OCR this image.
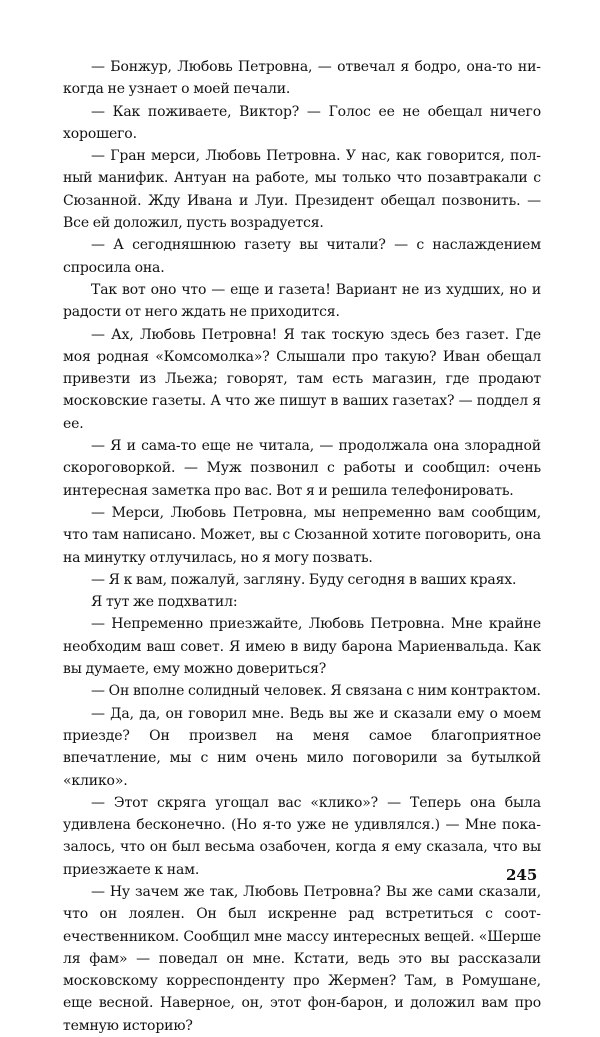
— Бонжур, Любовь Петровна, — отвечал я бодро, она-то никогда не узнает о моей печали.

— Как поживаете, Виктор? — Голос ее не обещал ничего хорошего.

— Гран мерси, Любовь Петровна. У нас, как говорится, полный манифик. Антуан на работе, мы только что позавтракали с Сюзанной. Жду Ивана и Луи. Президент обещал позвонить. — Все ей доложил, пусть возрадуется.

— А сегодняшнюю газету вы читали? — с наслаждением спросила она.

Так вот оно что — еще и газета! Вариант не из худших, но и радости от него ждать не приходится.

— Ах, Любовь Петровна! Я так тоскую здесь без газет. Где моя родная «Комсомолка»? Слышали про такую? Иван обещал привезти из Льежа; говорят, там есть магазин, где продают московские газеты. А что же пишут в ваших газетах? — поддел я ее.

— Я и сама-то еще не читала, — продолжала она злорадной скороговоркой. — Муж позвонил с работы и сообщил: очень интересная заметка про вас. Вот я и решила телефонировать.

— Мерси, Любовь Петровна, мы непременно вам сообщим, что там написано. Может, вы с Сюзанной хотите поговорить, она на минутку отлучилась, но я могу позвать.

— Я к вам, пожалуй, загляну. Буду сегодня в ваших краях.

Я тут же подхватил:

— Непременно приезжайте, Любовь Петровна. Мне крайне необходим ваш совет. Я имею в виду барона Мариенвальда. Как вы думаете, ему можно довериться?

— Он вполне солидный человек. Я связана с ним контрактом.

— Да, да, он говорил мне. Ведь вы же и сказали ему о моем приезде? Он произвел на меня самое благоприятное впечатление, мы с ним очень мило поговорили за бутылкой «клико».

— Этот скряга угощал вас «клико»? — Теперь она была удивлена бесконечно. (Но я-то уже не удивлялся.) — Мне показалось, что он был весьма озабочен, когда я ему сказала, что вы приезжаете к нам.

— Ну зачем же так, Любовь Петровна? Вы же сами сказали, что он лоялен. Он был искренне рад встретиться с соотечественником. Сообщил мне массу интересных вещей. «Шерше ля фам» — поведал он мне. Кстати, ведь это вы рассказали московскому корреспонденту про Жермен? Там, в Ромушане, еще весной. Наверное, он, этот фон-барон, и доложил вам про темную историю?

245
